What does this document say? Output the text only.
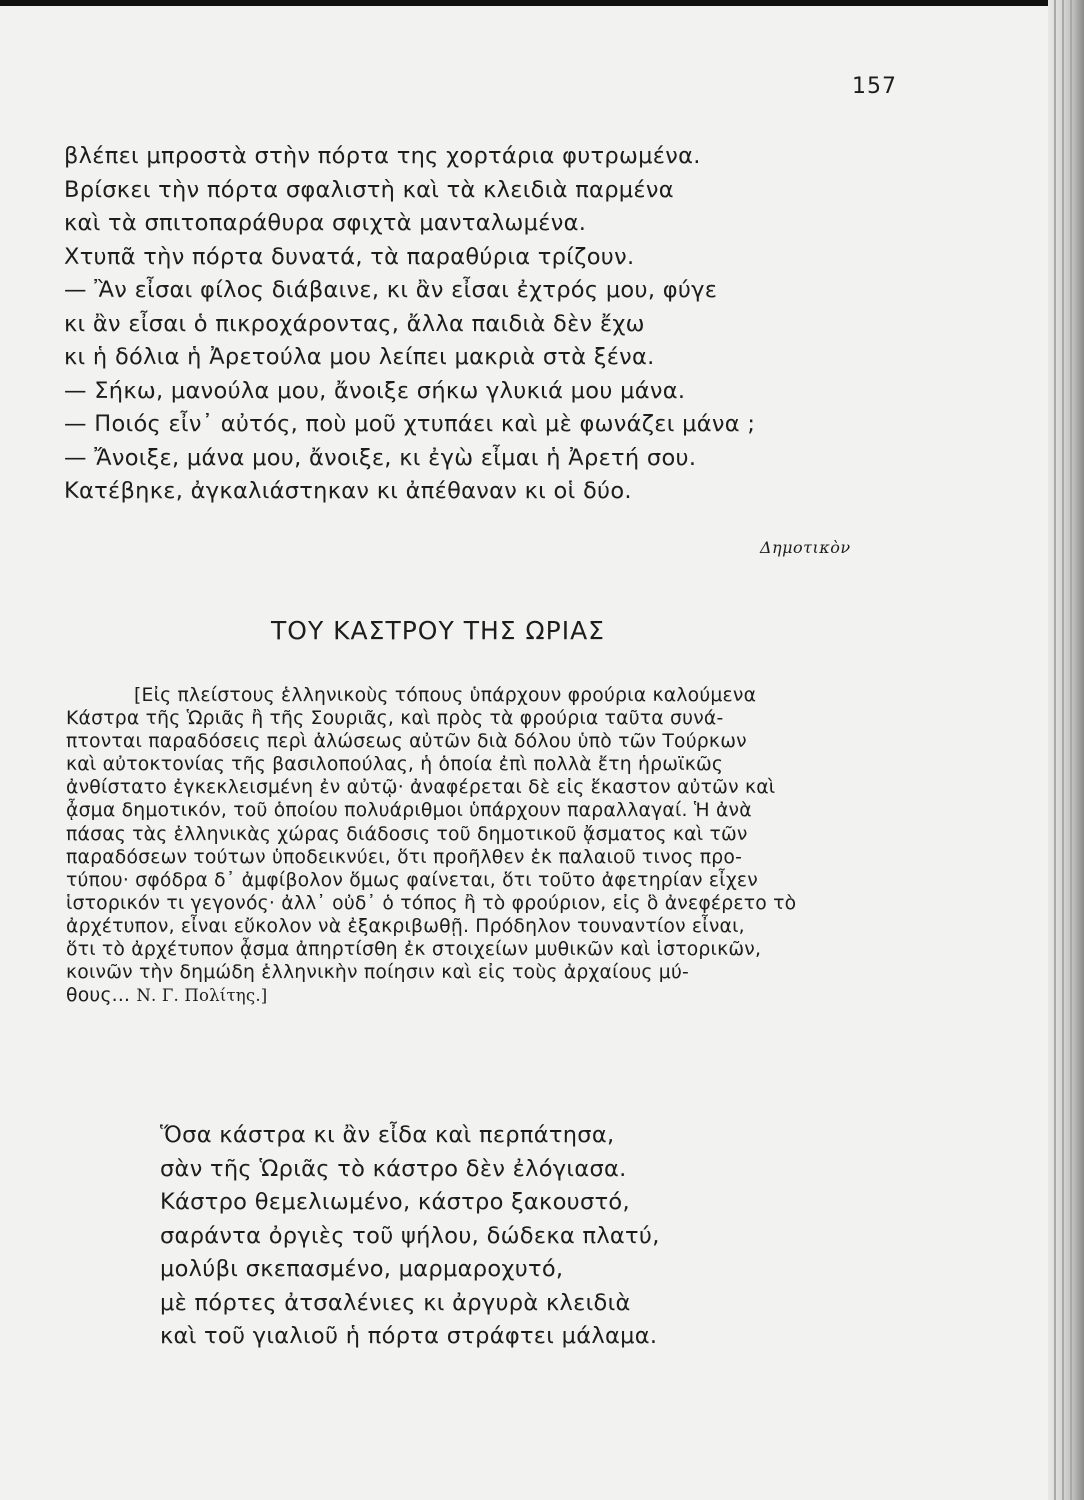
157
βλέπει μπροστὰ στὴν πόρτα της χορτάρια φυτρωμένα.
Βρίσκει τὴν πόρτα σφαλιστὴ καὶ τὰ κλειδιὰ παρμένα
καὶ τὰ σπιτοπαράθυρα σφιχτὰ μανταλωμένα.
Χτυπᾶ τὴν πόρτα δυνατά, τὰ παραθύρια τρίζουν.
— Ἂν εἶσαι φίλος διάβαινε, κι ἂν εἶσαι ἐχτρός μου, φύγε
κι ἂν εἶσαι ὁ πικροχάροντας, ἄλλα παιδιὰ δὲν ἔχω
κι ἡ δόλια ἡ Ἀρετούλα μου λείπει μακριὰ στὰ ξένα.
— Σήκω, μανούλα μου, ἄνοιξε σήκω γλυκιά μου μάνα.
— Ποιός εἶν᾽ αὐτός, ποὺ μοῦ χτυπάει καὶ μὲ φωνάζει μάνα ;
— Ἄνοιξε, μάνα μου, ἄνοιξε, κι ἐγὼ εἶμαι ἡ Ἀρετή σου.
Κατέβηκε, ἀγκαλιάστηκαν κι ἀπέθαναν κι οἱ δύο.
Δημοτικὸν
ΤΟΥ ΚΑΣΤΡΟΥ ΤΗΣ ΩΡΙΑΣ
[Εἰς πλείστους ἑλληνικοὺς τόπους ὑπάρχουν φρούρια καλούμενα
Κάστρα τῆς Ὡριᾶς ἢ τῆς Σουριᾶς, καὶ πρὸς τὰ φρούρια ταῦτα συνά-
πτονται παραδόσεις περὶ ἁλώσεως αὐτῶν διὰ δόλου ὑπὸ τῶν Τούρκων
καὶ αὐτοκτονίας τῆς βασιλοπούλας, ἡ ὁποία ἐπὶ πολλὰ ἔτη ἡρωϊκῶς
ἀνθίστατο ἐγκεκλεισμένη ἐν αὐτῷ· ἀναφέρεται δὲ εἰς ἕκαστον αὐτῶν καὶ
ᾆσμα δημοτικόν, τοῦ ὁποίου πολυάριθμοι ὑπάρχουν παραλλαγαί. Ἡ ἀνὰ
πάσας τὰς ἑλληνικὰς χώρας διάδοσις τοῦ δημοτικοῦ ᾄσματος καὶ τῶν
παραδόσεων τούτων ὑποδεικνύει, ὅτι προῆλθεν ἐκ παλαιοῦ τινος προ-
τύπου· σφόδρα δ᾽ ἀμφίβολον ὅμως φαίνεται, ὅτι τοῦτο ἀφετηρίαν εἶχεν
ἱστορικόν τι γεγονός· ἀλλ᾽ οὐδ᾽ ὁ τόπος ἢ τὸ φρούριον, εἰς ὃ ἀνεφέρετο τὸ
ἀρχέτυπον, εἶναι εὔκολον νὰ ἐξακριβωθῇ. Πρόδηλον τουναντίον εἶναι,
ὅτι τὸ ἀρχέτυπον ᾆσμα ἀπηρτίσθη ἐκ στοιχείων μυθικῶν καὶ ἱστορικῶν,
κοινῶν τὴν δημώδη ἑλληνικὴν ποίησιν καὶ εἰς τοὺς ἀρχαίους μύ-
θους... Ν. Γ. Πολίτης.]
Ὅσα κάστρα κι ἂν εἶδα καὶ περπάτησα,
σὰν τῆς Ὡριᾶς τὸ κάστρο δὲν ἐλόγιασα.
Κάστρο θεμελιωμένο, κάστρο ξακουστό,
σαράντα ὀργιὲς τοῦ ψήλου, δώδεκα πλατύ,
μολύβι σκεπασμένο, μαρμαροχυτό,
μὲ πόρτες ἀτσαλένιες κι ἀργυρὰ κλειδιὰ
καὶ τοῦ γιαλιοῦ ἡ πόρτα στράφτει μάλαμα.
